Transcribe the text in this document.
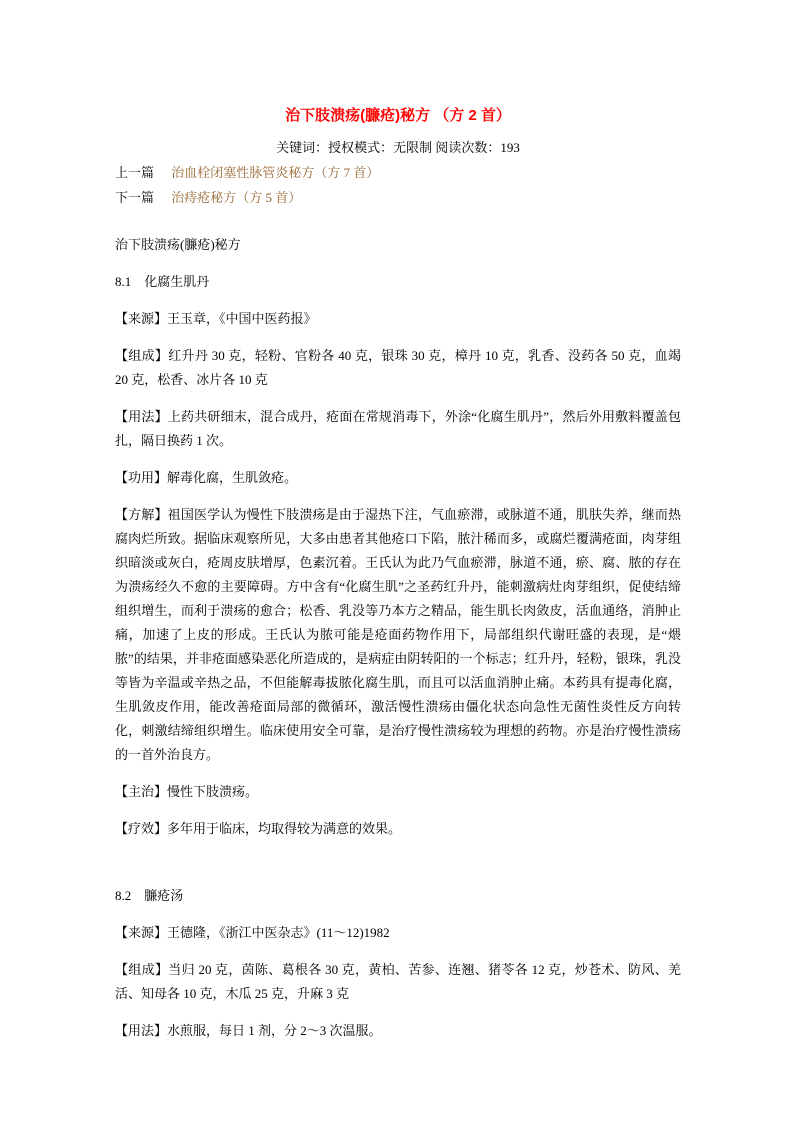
治下肢溃疡(臁疮)秘方 （方 2 首）
关键词：授权模式：无限制 阅读次数：193
上一篇 治血栓闭塞性脉管炎秘方（方 7 首）
下一篇 治痔疮秘方（方 5 首）

治下肢溃疡(臁疮)秘方

8.1　化腐生肌丹

【来源】王玉章，《中国中医药报》

【组成】红升丹 30 克，轻粉、官粉各 40 克，银珠 30 克，樟丹 10 克，乳香、没药各 50 克，血竭 20 克，松香、冰片各 10 克

【用法】上药共研细末，混合成丹，疮面在常规消毒下，外涂“化腐生肌丹”，然后外用敷料覆盖包扎，隔日换药 1 次。

【功用】解毒化腐，生肌敛疮。

【方解】祖国医学认为慢性下肢溃疡是由于湿热下注，气血瘀滞，或脉道不通，肌肤失养，继而热腐肉烂所致。据临床观察所见，大多由患者其他疮口下陷，脓汁稀而多，或腐烂覆满疮面，肉芽组织暗淡或灰白，疮周皮肤增厚，色素沉着。王氏认为此乃气血瘀滞，脉道不通，瘀、腐、脓的存在为溃疡经久不愈的主要障碍。方中含有“化腐生肌”之圣药红升丹，能刺激病灶肉芽组织，促使结缔组织增生，而利于溃疡的愈合；松香、乳没等乃本方之精品，能生肌长肉敛皮，活血通络，消肿止痛，加速了上皮的形成。王氏认为脓可能是疮面药物作用下，局部组织代谢旺盛的表现，是“煨脓”的结果，并非疮面感染恶化所造成的，是病症由阴转阳的一个标志；红升丹，轻粉，银珠，乳没等皆为辛温或辛热之品，不但能解毒拔脓化腐生肌，而且可以活血消肿止痛。本药具有提毒化腐，生肌敛皮作用，能改善疮面局部的微循环，激活慢性溃疡由僵化状态向急性无菌性炎性反方向转化，刺激结缔组织增生。临床使用安全可靠，是治疗慢性溃疡较为理想的药物。亦是治疗慢性溃疡的一首外治良方。

【主治】慢性下肢溃疡。

【疗效】多年用于临床，均取得较为满意的效果。

8.2　臁疮汤

【来源】王德隆，《浙江中医杂志》(11～12)1982

【组成】当归 20 克，茵陈、葛根各 30 克，黄柏、苦参、连翘、猪苓各 12 克，炒苍术、防风、羌活、知母各 10 克，木瓜 25 克，升麻 3 克

【用法】水煎服，每日 1 剂，分 2～3 次温服。
